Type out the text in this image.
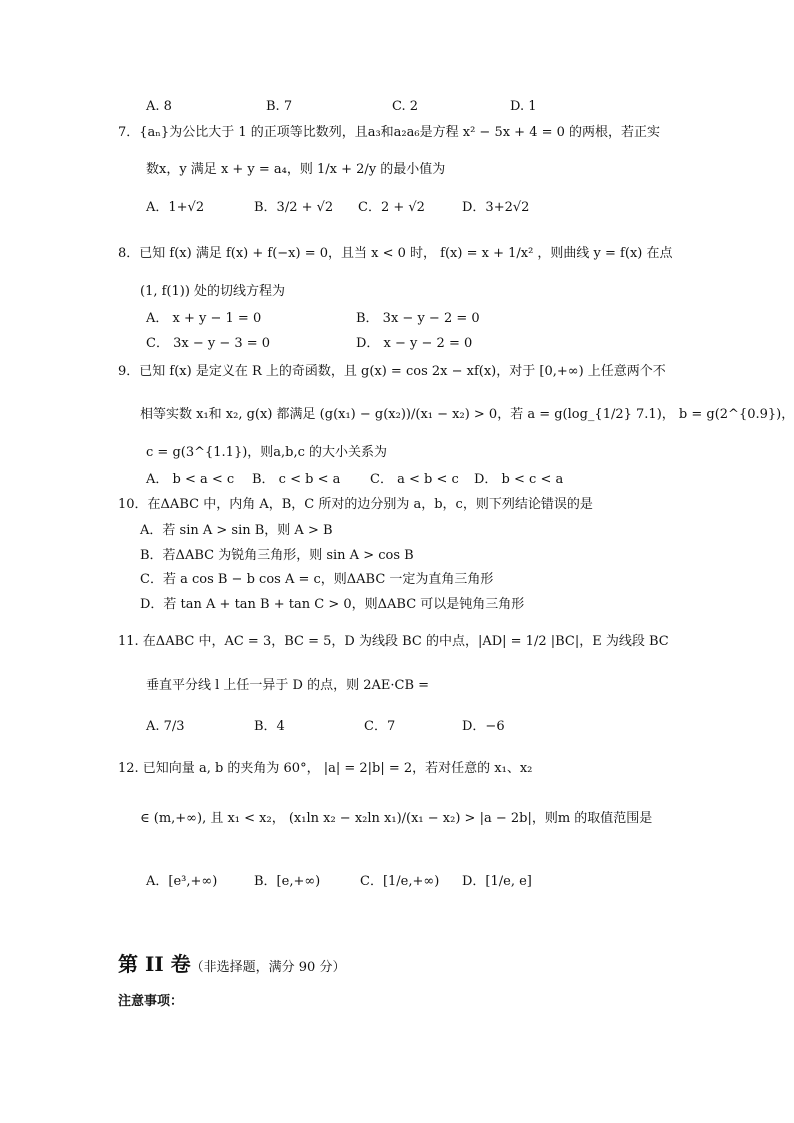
A. 8	B. 7	C. 2	D. 1
7．{aₙ}为公比大于 1 的正项等比数列，且a₃和a₂a₆是方程 x² − 5x + 4 = 0 的两根，若正实
数x，y 满足 x + y = a₄，则 1/x + 2/y 的最小值为
A．1+√2	B．3/2 + √2 C．2 + √2	D．3+2√2
8．已知 f(x) 满足 f(x) + f(−x) = 0，且当 x < 0 时， f(x) = x + 1/x² ，则曲线 y = f(x) 在点
(1, f(1)) 处的切线方程为
A． x + y − 1 = 0	B． 3x − y − 2 = 0
C． 3x − y − 3 = 0	D． x − y − 2 = 0
9．已知 f(x) 是定义在 R 上的奇函数，且 g(x) = cos 2x − xf(x)，对于 [0,+∞) 上任意两个不
相等实数 x₁和 x₂, g(x) 都满足 (g(x₁) − g(x₂))/(x₁ − x₂) > 0，若 a = g(log_{1/2} 7.1)， b = g(2^{0.9})，
c = g(3^{1.1})，则a,b,c 的大小关系为
A． b < a < c B． c < b < a C． a < b < c D． b < c < a
10．在ΔABC 中，内角 A，B，C 所对的边分别为 a，b，c，则下列结论错误的是
A．若 sin A > sin B，则 A > B
B．若ΔABC 为锐角三角形，则 sin A > cos B
C．若 a cos B − b cos A = c，则ΔABC 一定为直角三角形
D．若 tan A + tan B + tan C > 0，则ΔABC 可以是钝角三角形
11. 在ΔABC 中，AC = 3，BC = 5，D 为线段 BC 的中点，|AD| = 1/2 |BC|，E 为线段 BC
垂直平分线 l 上任一异于 D 的点，则 2AE·CB =
A. 7/3	B．4	C．7	D．−6
12. 已知向量 a, b 的夹角为 60°， |a| = 2|b| = 2，若对任意的 x₁、x₂
∈ (m,+∞), 且 x₁ < x₂， (x₁ln x₂ − x₂ln x₁)/(x₁ − x₂) > |a − 2b|，则m 的取值范围是
A．[e³,+∞)	B．[e,+∞)	C．[1/e,+∞) D．[1/e, e]
第 II 卷（非选择题，满分 90 分）
注意事项：
